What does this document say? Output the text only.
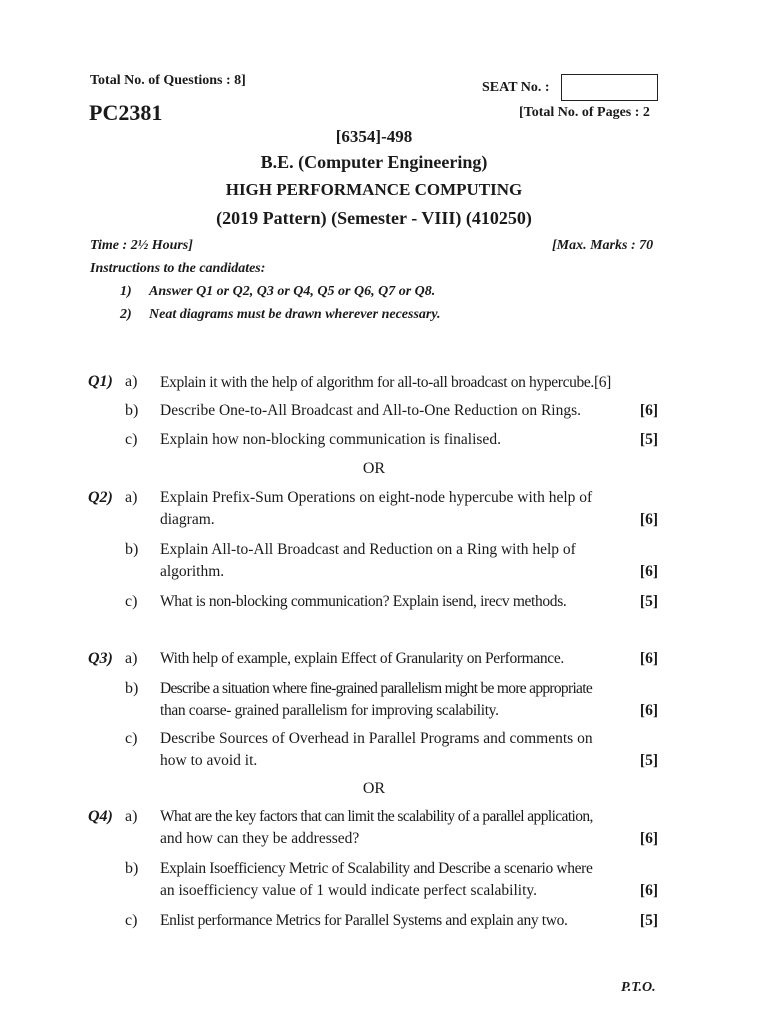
Total No. of Questions : 8]	SEAT No. :
PC2381	[Total No. of Pages : 2
[6354]-498
B.E. (Computer Engineering)
HIGH PERFORMANCE COMPUTING
(2019 Pattern) (Semester - VIII) (410250)
Time : 2½ Hours]	[Max. Marks : 70
Instructions to the candidates:
1) Answer Q1 or Q2, Q3 or Q4, Q5 or Q6, Q7 or Q8.
2) Neat diagrams must be drawn wherever necessary.
Q1) a) Explain it with the help of algorithm for all-to-all broadcast on hypercube.[6]
b) Describe One-to-All Broadcast and All-to-One Reduction on Rings.	[6]
c) Explain how non-blocking communication is finalised.	[5]
OR
Q2) a) Explain Prefix-Sum Operations on eight-node hypercube with help of
diagram.	[6]
b) Explain All-to-All Broadcast and Reduction on a Ring with help of
algorithm.	[6]
c) What is non-blocking communication? Explain isend, irecv methods.	[5]
Q3) a) With help of example, explain Effect of Granularity on Performance.	[6]
b) Describe a situation where fine-grained parallelism might be more appropriate
than coarse- grained parallelism for improving scalability.	[6]
c) Describe Sources of Overhead in Parallel Programs and comments on
how to avoid it.	[5]
OR
Q4) a) What are the key factors that can limit the scalability of a parallel application,
and how can they be addressed?	[6]
b) Explain Isoefficiency Metric of Scalability and Describe a scenario where
an isoefficiency value of 1 would indicate perfect scalability.	[6]
c) Enlist performance Metrics for Parallel Systems and explain any two.	[5]
P.T.O.
